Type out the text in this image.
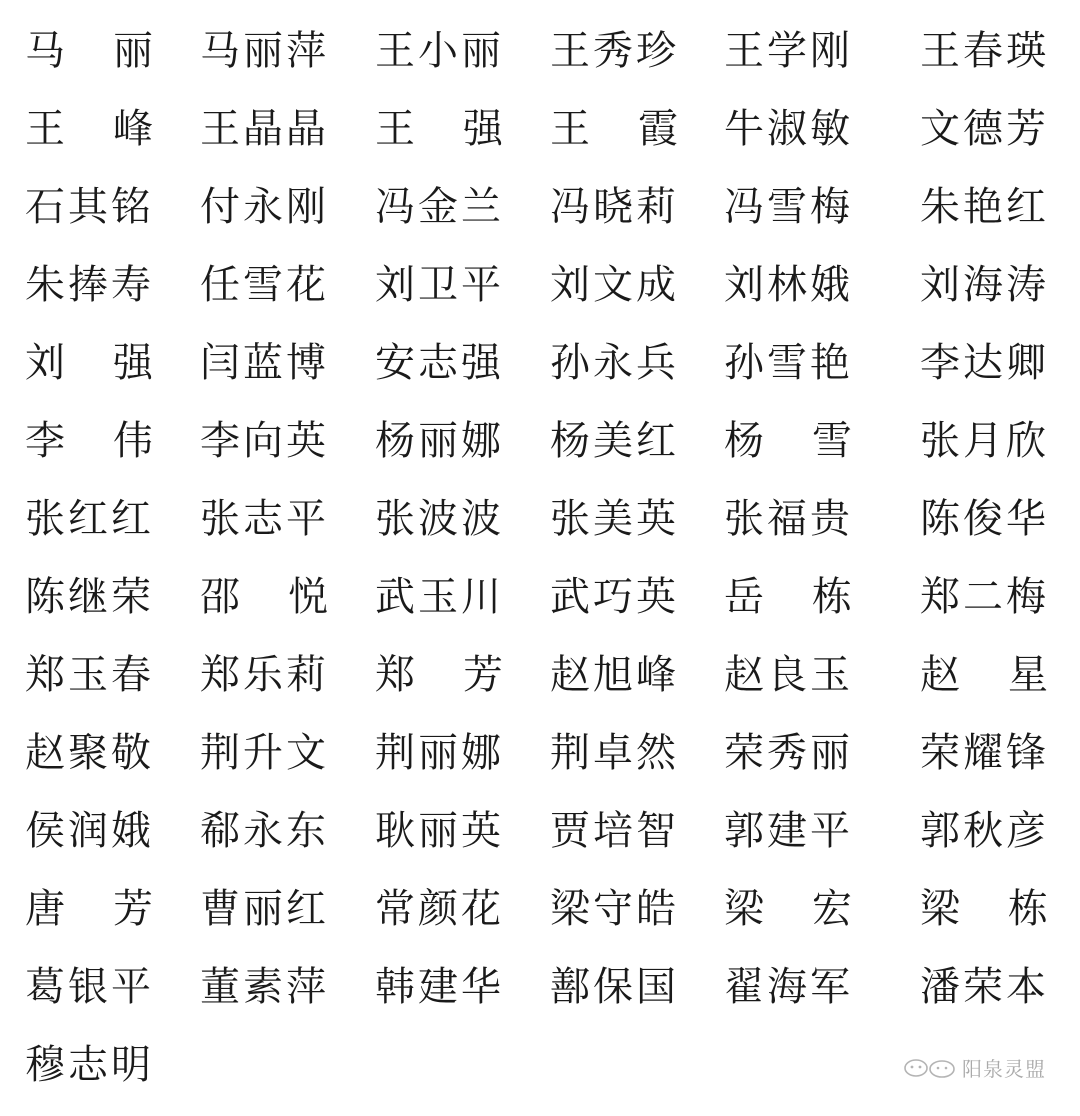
马 丽 马丽萍 王小丽 王秀珍 王学刚 王春瑛
王 峰 王晶晶 王 强 王 霞 牛淑敏 文德芳
石其铭 付永刚 冯金兰 冯晓莉 冯雪梅 朱艳红
朱捧寿 任雪花 刘卫平 刘文成 刘林娥 刘海涛
刘 强 闫蓝博 安志强 孙永兵 孙雪艳 李达卿
李 伟 李向英 杨丽娜 杨美红 杨 雪 张月欣
张红红 张志平 张波波 张美英 张福贵 陈俊华
陈继荣 邵 悦 武玉川 武巧英 岳 栋 郑二梅
郑玉春 郑乐莉 郑 芳 赵旭峰 赵良玉 赵 星
赵聚敬 荆升文 荆丽娜 荆卓然 荣秀丽 荣耀锋
侯润娥 郗永东 耿丽英 贾培智 郭建平 郭秋彦
唐 芳 曹丽红 常颜花 梁守皓 梁 宏 梁 栋
葛银平 董素萍 韩建华 鄯保国 翟海军 潘荣本
穆志明	阳泉灵盟
